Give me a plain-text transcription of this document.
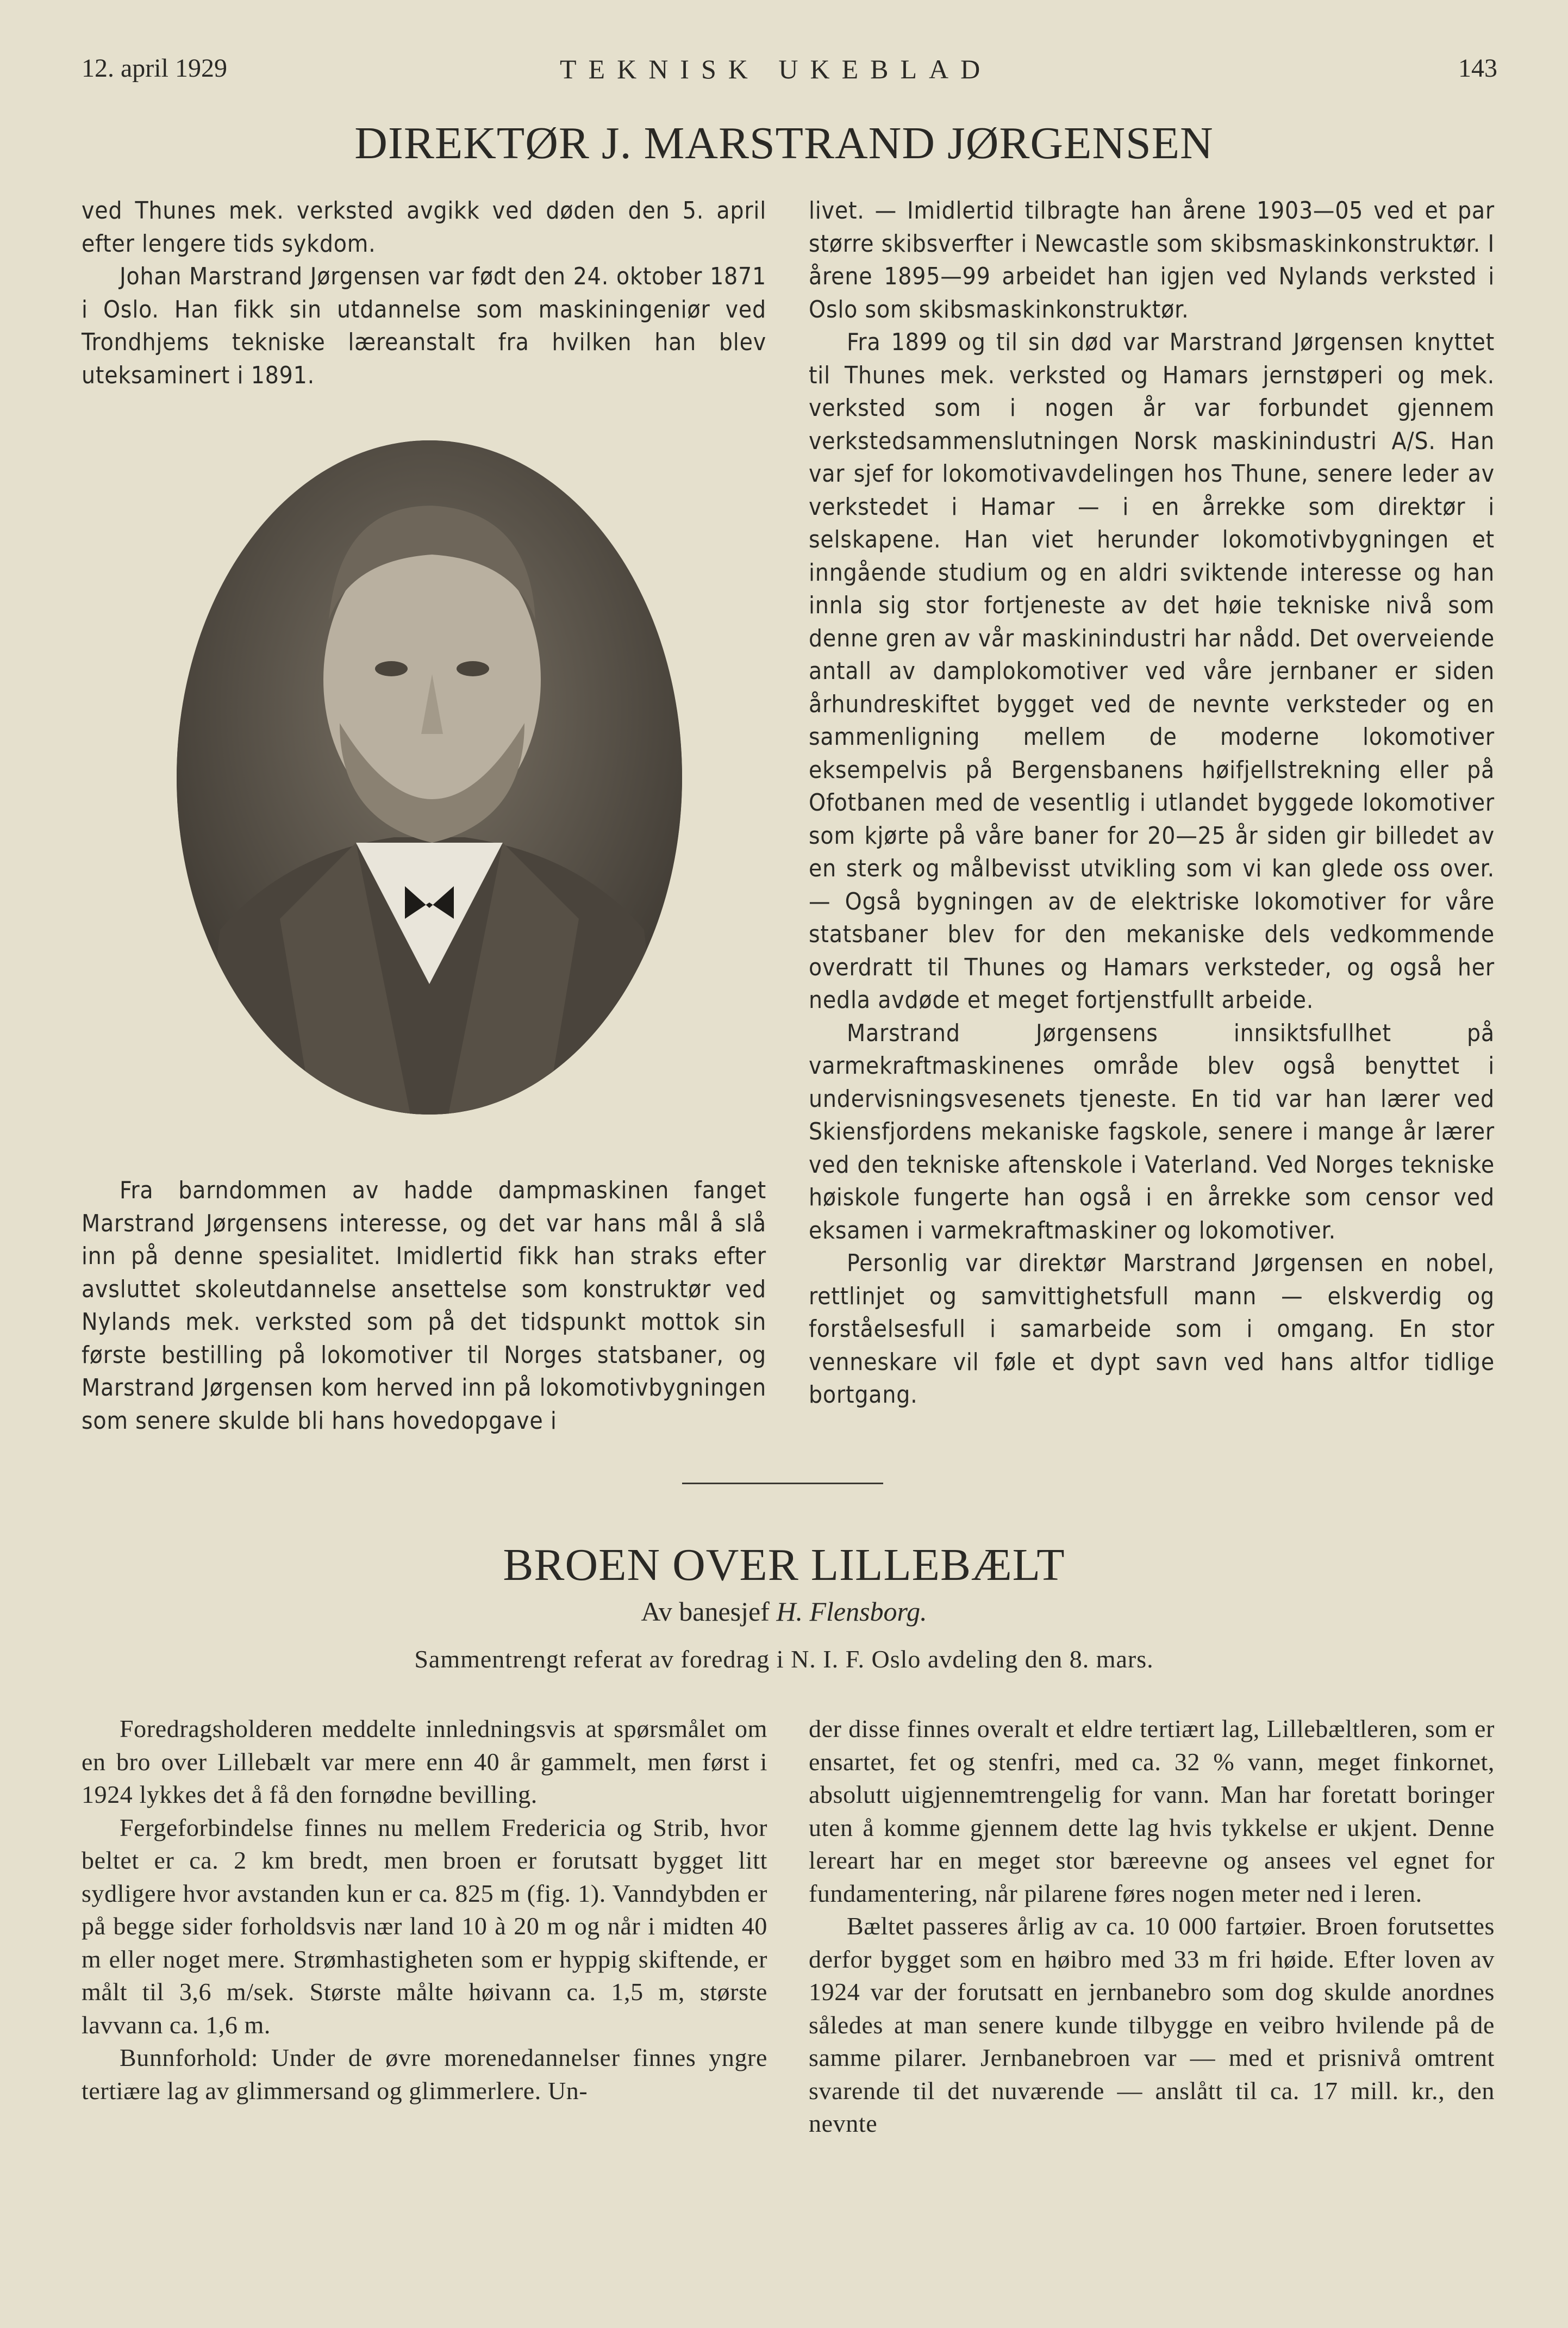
12. april 1929	TEKNISK UKEBLAD	143
DIREKTØR J. MARSTRAND JØRGENSEN

ved Thunes mek. verksted avgikk ved døden den 5. april efter lengere tids sykdom.

Johan Marstrand Jørgensen var født den 24. oktober 1871 i Oslo. Han fikk sin utdannelse som maskiningeniør ved Trondhjems tekniske læreanstalt fra hvilken han blev uteksaminert i 1891.

Fra barndommen av hadde dampmaskinen fanget Marstrand Jørgensens interesse, og det var hans mål å slå inn på denne spesialitet. Imidlertid fikk han straks efter avsluttet skoleutdannelse ansettelse som konstruktør ved Nylands mek. verksted som på det tidspunkt mottok sin første bestilling på lokomotiver til Norges statsbaner, og Marstrand Jørgensen kom herved inn på lokomotivbygningen som senere skulde bli hans hovedopgave i

livet. — Imidlertid tilbragte han årene 1903—05 ved et par større skibsverfter i Newcastle som skibsmaskinkonstruktør. I årene 1895—99 arbeidet han igjen ved Nylands verksted i Oslo som skibsmaskinkonstruktør.

Fra 1899 og til sin død var Marstrand Jørgensen knyttet til Thunes mek. verksted og Hamars jernstøperi og mek. verksted som i nogen år var forbundet gjennem verkstedsammenslutningen Norsk maskinindustri A/S. Han var sjef for lokomotivavdelingen hos Thune, senere leder av verkstedet i Hamar — i en årrekke som direktør i selskapene. Han viet herunder lokomotivbygningen et inngående studium og en aldri sviktende interesse og han innla sig stor fortjeneste av det høie tekniske nivå som denne gren av vår maskinindustri har nådd. Det overveiende antall av damplokomotiver ved våre jernbaner er siden århundreskiftet bygget ved de nevnte verksteder og en sammenligning mellem de moderne lokomotiver eksempelvis på Bergensbanens høifjellstrekning eller på Ofotbanen med de vesentlig i utlandet byggede lokomotiver som kjørte på våre baner for 20—25 år siden gir billedet av en sterk og målbevisst utvikling som vi kan glede oss over. — Også bygningen av de elektriske lokomotiver for våre statsbaner blev for den mekaniske dels vedkommende overdratt til Thunes og Hamars verksteder, og også her nedla avdøde et meget fortjenstfullt arbeide.

Marstrand Jørgensens innsiktsfullhet på varmekraftmaskinenes område blev også benyttet i undervisningsvesenets tjeneste. En tid var han lærer ved Skiensfjordens mekaniske fagskole, senere i mange år lærer ved den tekniske aftenskole i Vaterland. Ved Norges tekniske høiskole fungerte han også i en årrekke som censor ved eksamen i varmekraftmaskiner og lokomotiver.

Personlig var direktør Marstrand Jørgensen en nobel, rettlinjet og samvittighetsfull mann — elskverdig og forståelsesfull i samarbeide som i omgang. En stor venneskare vil føle et dypt savn ved hans altfor tidlige bortgang.

BROEN OVER LILLEBÆLT
Av banesjef H. Flensborg.
Sammentrengt referat av foredrag i N. I. F. Oslo avdeling den 8. mars.

Foredragsholderen meddelte innledningsvis at spørsmålet om en bro over Lillebælt var mere enn 40 år gammelt, men først i 1924 lykkes det å få den fornødne bevilling.

Fergeforbindelse finnes nu mellem Fredericia og Strib, hvor beltet er ca. 2 km bredt, men broen er forutsatt bygget litt sydligere hvor avstanden kun er ca. 825 m (fig. 1). Vanndybden er på begge sider forholdsvis nær land 10 à 20 m og når i midten 40 m eller noget mere. Strømhastigheten som er hyppig skiftende, er målt til 3,6 m/sek. Største målte høivann ca. 1,5 m, største lavvann ca. 1,6 m.

Bunnforhold: Under de øvre morenedannelser finnes yngre tertiære lag av glimmersand og glimmerlere. Un-

der disse finnes overalt et eldre tertiært lag, Lillebæltleren, som er ensartet, fet og stenfri, med ca. 32 % vann, meget finkornet, absolutt uigjennemtrengelig for vann. Man har foretatt boringer uten å komme gjennem dette lag hvis tykkelse er ukjent. Denne lereart har en meget stor bæreevne og ansees vel egnet for fundamentering, når pilarene føres nogen meter ned i leren.

Bæltet passeres årlig av ca. 10 000 fartøier. Broen forutsettes derfor bygget som en høibro med 33 m fri høide. Efter loven av 1924 var der forutsatt en jernbanebro som dog skulde anordnes således at man senere kunde tilbygge en veibro hvilende på de samme pilarer. Jernbanebroen var — med et prisnivå omtrent svarende til det nuværende — anslått til ca. 17 mill. kr., den nevnte
